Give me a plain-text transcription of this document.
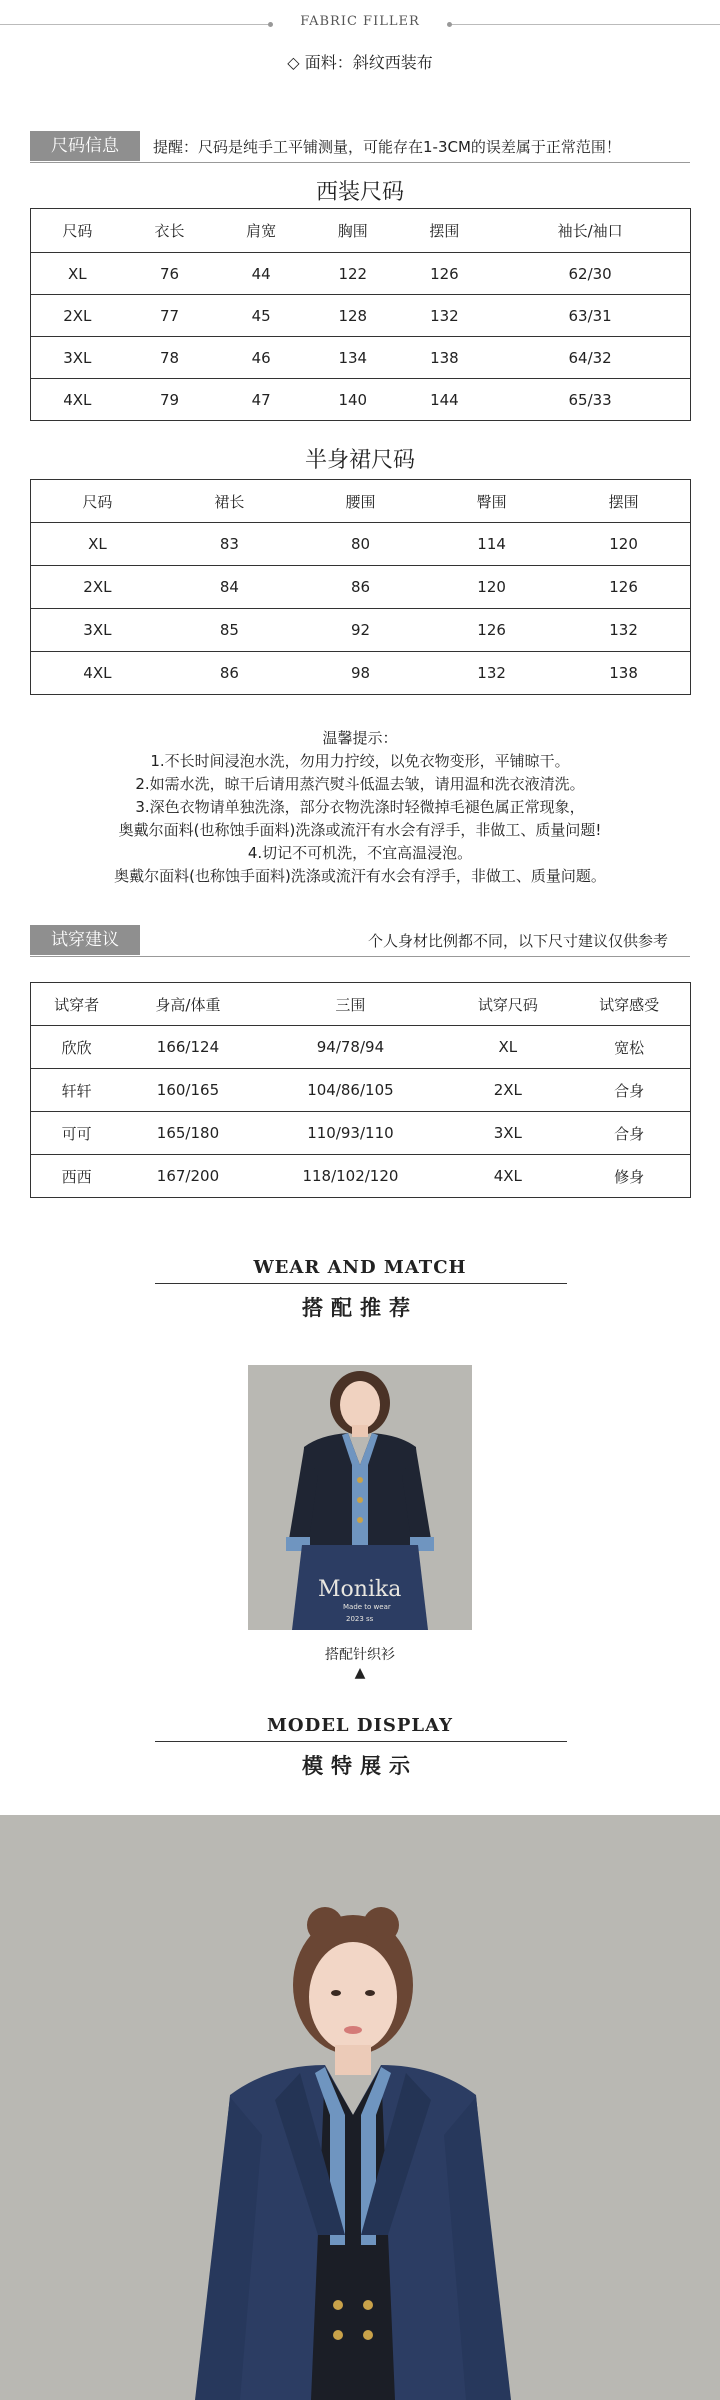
FABRIC FILLER
◇ 面料：斜纹西装布
尺码信息	提醒：尺码是纯手工平铺测量，可能存在1-3CM的误差属于正常范围！
西装尺码
尺码	衣长	肩宽	胸围	摆围	袖长/袖口
XL	76	44	122	126	62/30
2XL	77	45	128	132	63/31
3XL	78	46	134	138	64/32
4XL	79	47	140	144	65/33
半身裙尺码
尺码	裙长	腰围	臀围	摆围
XL	83	80	114	120
2XL	84	86	120	126
3XL	85	92	126	132
4XL	86	98	132	138
温馨提示：
1.不长时间浸泡水洗，勿用力拧绞，以免衣物变形，平铺晾干。
2.如需水洗，晾干后请用蒸汽熨斗低温去皱，请用温和洗衣液清洗。
3.深色衣物请单独洗涤，部分衣物洗涤时轻微掉毛褪色属正常现象，
奥戴尔面料(也称蚀手面料)洗涤或流汗有水会有浮手，非做工、质量问题!
4.切记不可机洗，不宜高温浸泡。
奥戴尔面料(也称蚀手面料)洗涤或流汗有水会有浮手，非做工、质量问题。
试穿建议	个人身材比例都不同，以下尺寸建议仅供参考
试穿者	身高/体重	三围	试穿尺码	试穿感受
欣欣	166/124	94/78/94	XL	宽松
轩轩	160/165	104/86/105	2XL	合身
可可	165/180	110/93/110	3XL	合身
西西	167/200	118/102/120	4XL	修身
WEAR AND MATCH
搭配推荐
Monika
Made to wear
2023 ss
搭配针织衫
▲
MODEL DISPLAY
模特展示
